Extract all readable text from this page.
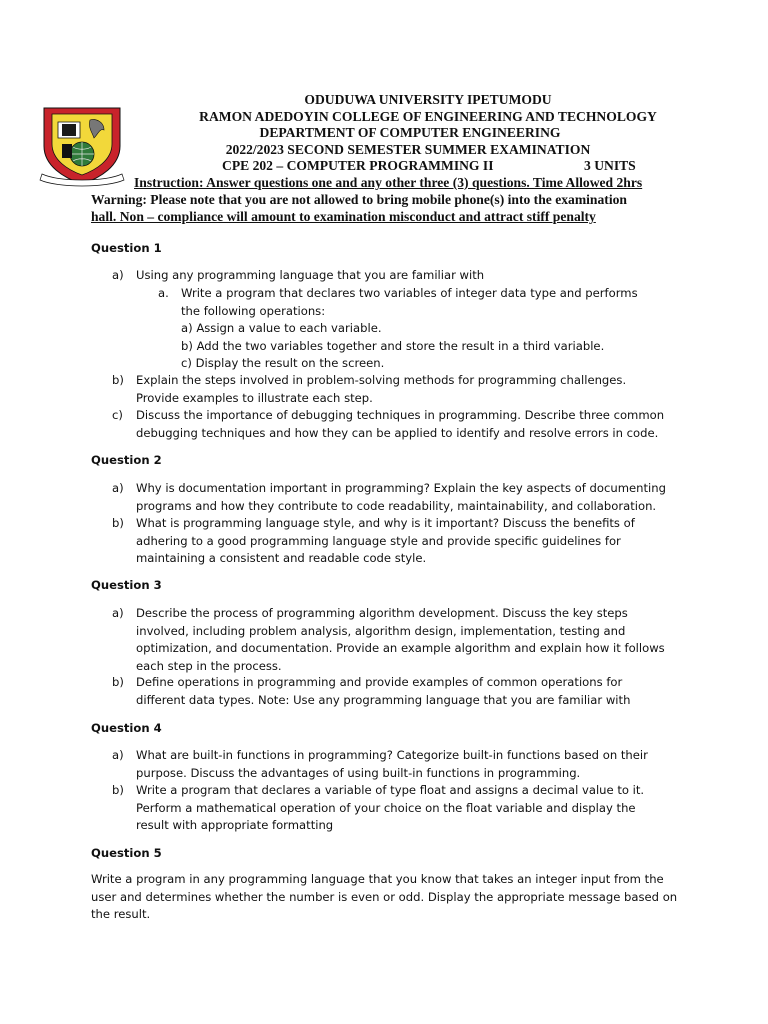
ODUDUWA UNIVERSITY IPETUMODU
RAMON ADEDOYIN COLLEGE OF ENGINEERING AND TECHNOLOGY
DEPARTMENT OF COMPUTER ENGINEERING
2022/2023 SECOND SEMESTER SUMMER EXAMINATION
CPE 202 – COMPUTER PROGRAMMING II	3 UNITS
Instruction: Answer questions one and any other three (3) questions. Time Allowed 2hrs
Warning: Please note that you are not allowed to bring mobile phone(s) into the examination
hall. Non – compliance will amount to examination misconduct and attract stiff penalty
Question 1
a) Using any programming language that you are familiar with
a. Write a program that declares two variables of integer data type and performs the following operations:
a) Assign a value to each variable.
b) Add the two variables together and store the result in a third variable.
c) Display the result on the screen.
b) Explain the steps involved in problem-solving methods for programming challenges. Provide examples to illustrate each step.
c) Discuss the importance of debugging techniques in programming. Describe three common debugging techniques and how they can be applied to identify and resolve errors in code.
Question 2
a) Why is documentation important in programming? Explain the key aspects of documenting programs and how they contribute to code readability, maintainability, and collaboration.
b) What is programming language style, and why is it important? Discuss the benefits of adhering to a good programming language style and provide specific guidelines for maintaining a consistent and readable code style.
Question 3
a) Describe the process of programming algorithm development. Discuss the key steps involved, including problem analysis, algorithm design, implementation, testing and optimization, and documentation. Provide an example algorithm and explain how it follows each step in the process.
b) Define operations in programming and provide examples of common operations for different data types. Note: Use any programming language that you are familiar with
Question 4
a) What are built-in functions in programming? Categorize built-in functions based on their purpose. Discuss the advantages of using built-in functions in programming.
b) Write a program that declares a variable of type float and assigns a decimal value to it. Perform a mathematical operation of your choice on the float variable and display the result with appropriate formatting
Question 5
Write a program in any programming language that you know that takes an integer input from the user and determines whether the number is even or odd. Display the appropriate message based on the result.
